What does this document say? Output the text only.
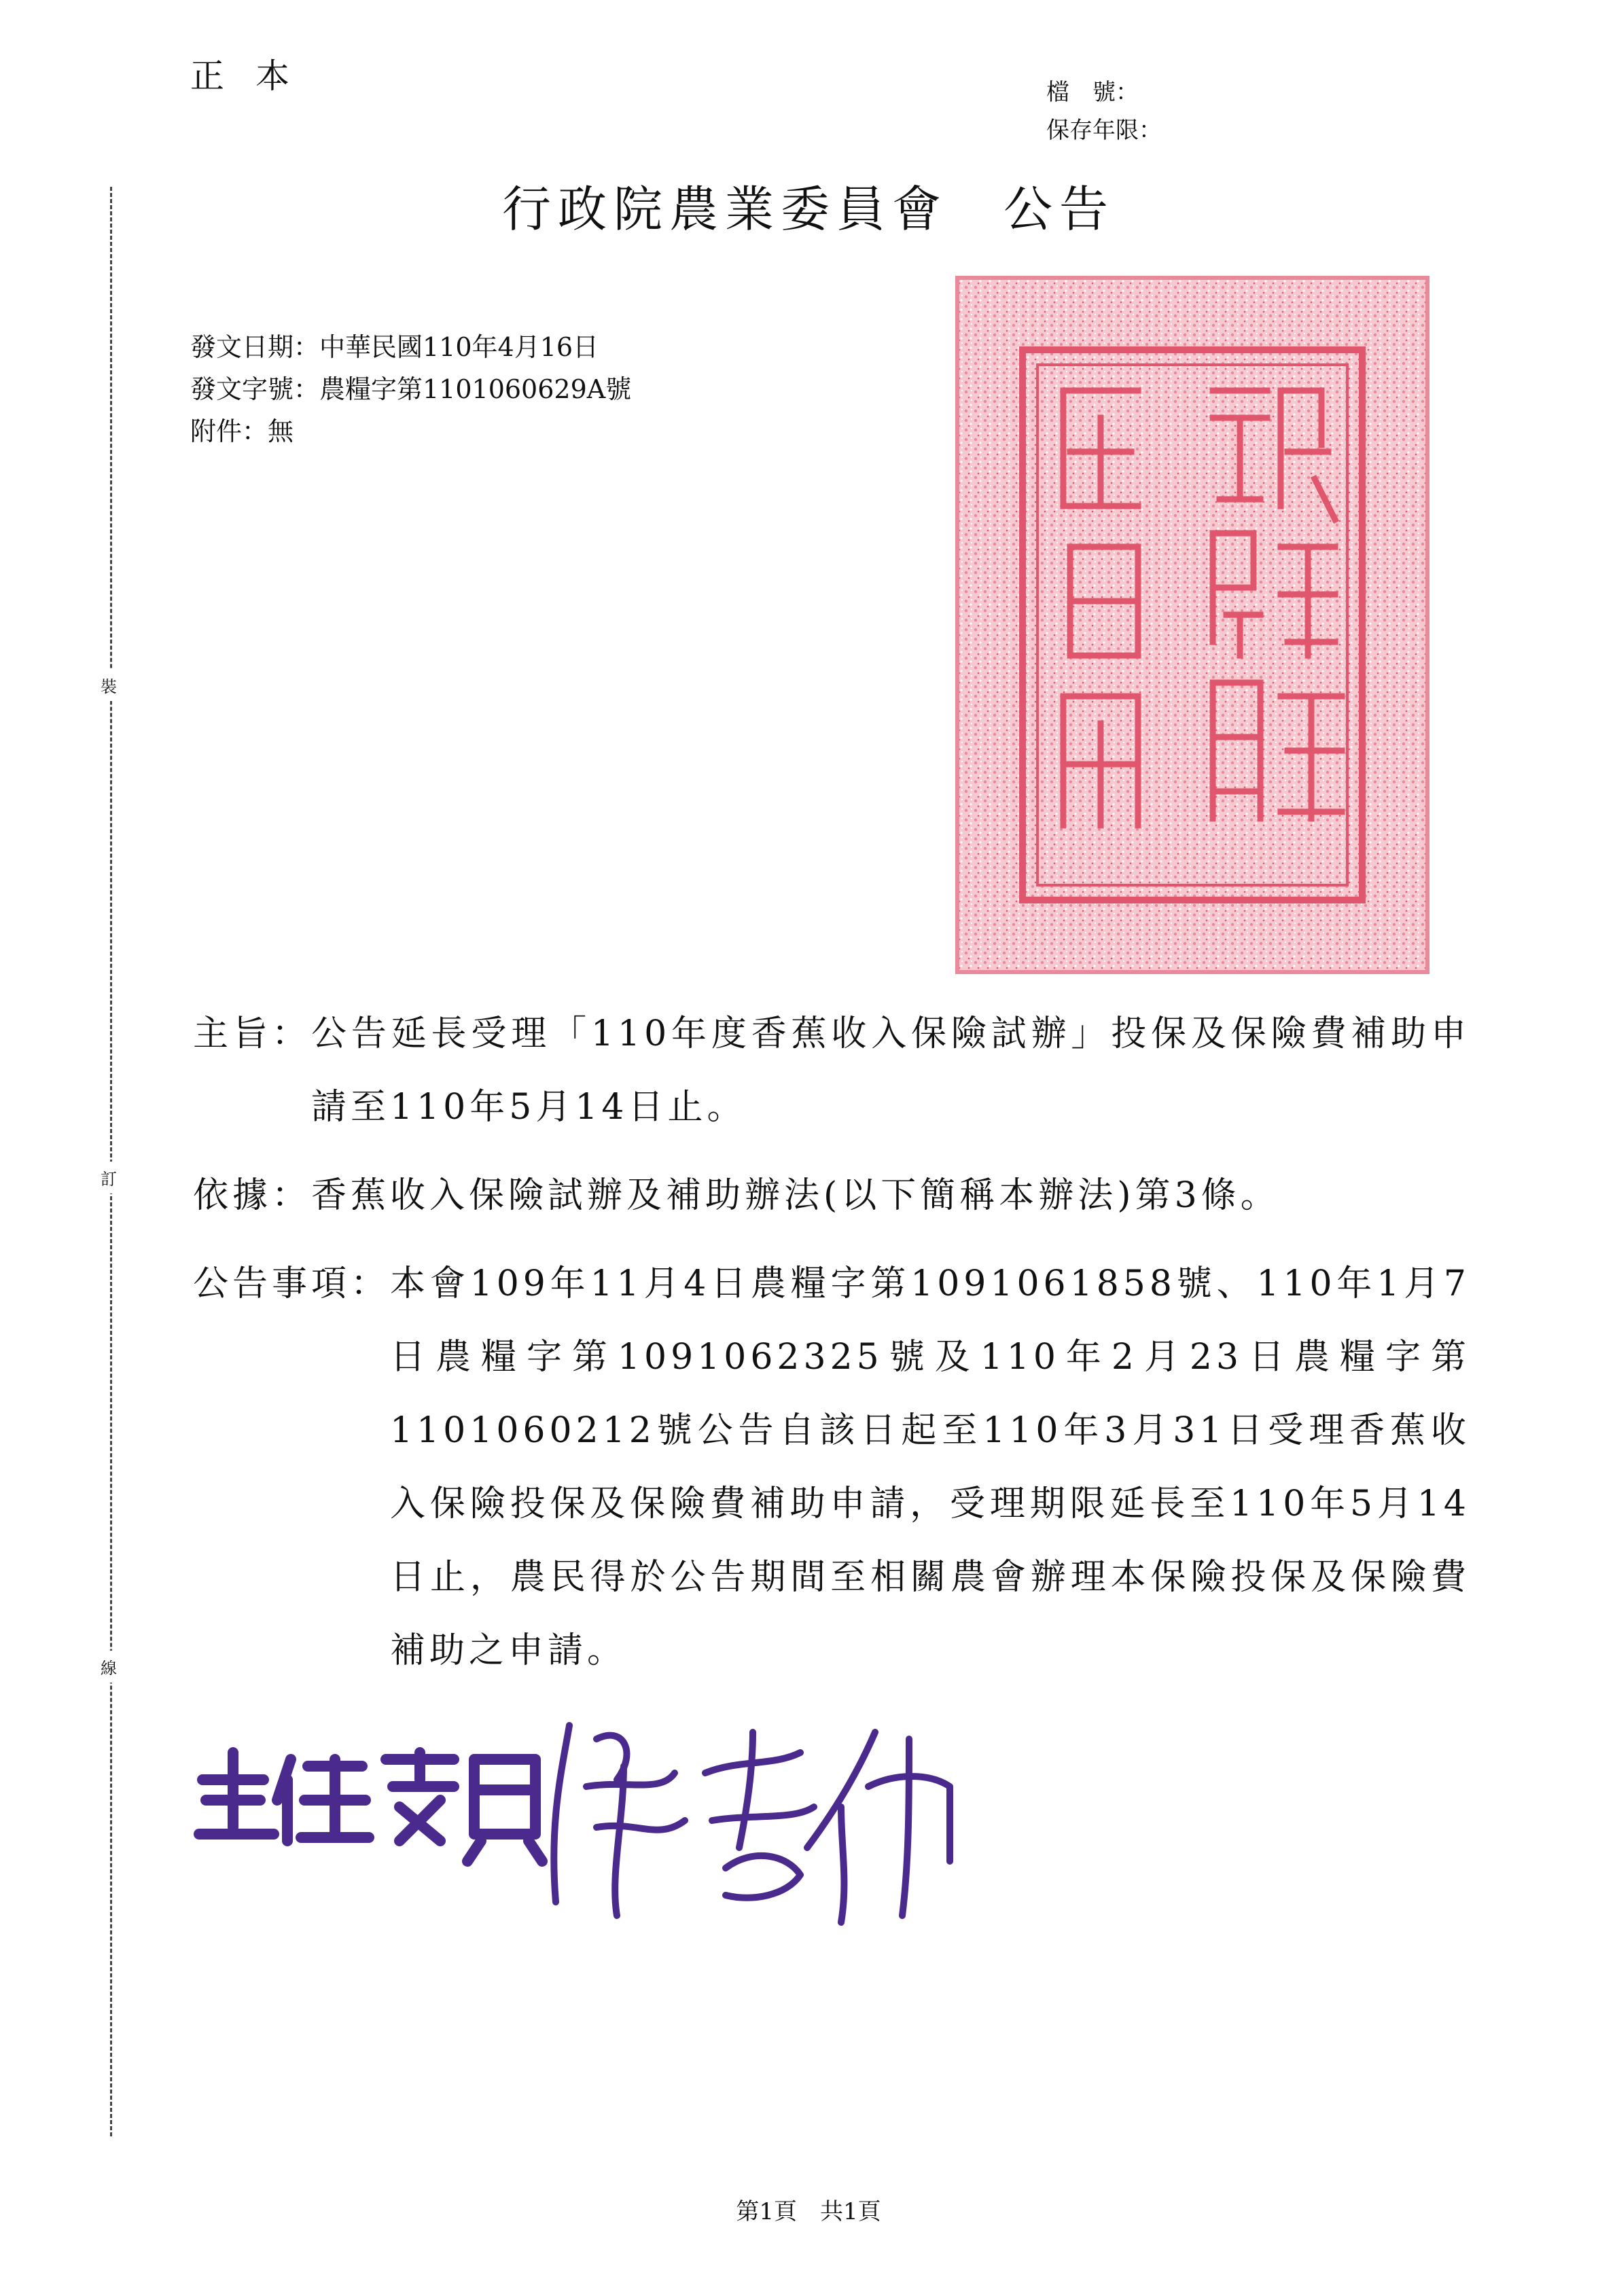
正本	檔　號：
保存年限：
裝
訂
線
行政院農業委員會　公告
發文日期：中華民國110年4月16日
發文字號：農糧字第1101060629A號
附件：無
主旨： 公告延長受理「110年度香蕉收入保險試辦」投保及保險費補助申請至110年5月14日止。
依據： 香蕉收入保險試辦及補助辦法(以下簡稱本辦法)第3條。
公告事項： 本會109年11月4日農糧字第1091061858號、110年1月7日農糧字第1091062325號及110年2月23日農糧字第1101060212號公告自該日起至110年3月31日受理香蕉收入保險投保及保險費補助申請，受理期限延長至110年5月14日止，農民得於公告期間至相關農會辦理本保險投保及保險費補助之申請。
第1頁　共1頁
